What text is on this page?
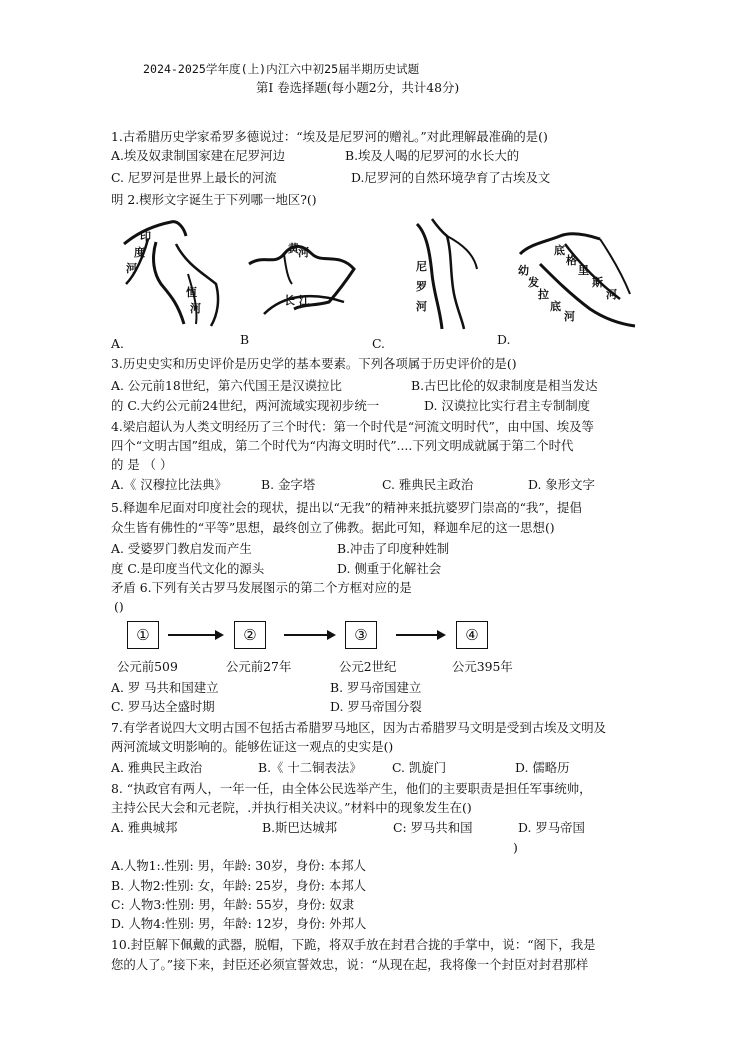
2024-2025学年度(上)内江六中初25届半期历史试题
第I 卷选择题(每小题2分，共计48分)
1.古希腊历史学家希罗多德说过：“埃及是尼罗河的赠礼。”对此理解最准确的是()
A.埃及奴隶制国家建在尼罗河边	B.埃及人喝的尼罗河的水长大的
C. 尼罗河是世界上最长的河流	D.尼罗河的自然环境孕育了古埃及文
明 2.楔形文字诞生于下列哪一地区?()
印
度
河
恒
河
黄 河
长 江
尼
罗
河
幼
发
拉
底
河
底
格
里
斯
河
A.	B	C.	D.
3.历史史实和历史评价是历史学的基本要素。下列各项属于历史评价的是()
A. 公元前18世纪，第六代国王是汉谟拉比	B.古巴比伦的奴隶制度是相当发达
的 C.大约公元前24世纪，两河流域实现初步统一	D. 汉谟拉比实行君主专制制度
4.梁启超认为人类文明经历了三个时代：第一个时代是“河流文明时代”，由中国、埃及等
四个“文明古国”组成，第二个时代为“内海文明时代”....下列文明成就属于第二个时代
的 是 （ ）
A.《 汉穆拉比法典》	B. 金字塔	C. 雅典民主政治	D. 象形文字
5.释迦牟尼面对印度社会的现状，提出以“无我”的精神来抵抗婆罗门崇高的“我”，提倡
众生皆有佛性的“平等”思想，最终创立了佛教。据此可知，释迦牟尼的这一思想()
A. 受婆罗门教启发而产生	B.冲击了印度种姓制
度 C.是印度当代文化的源头	D. 侧重于化解社会
矛盾 6.下列有关古罗马发展图示的第二个方框对应的是
()
①	②	③	④
公元前509	公元前27年	公元2世纪	公元395年
A. 罗 马共和国建立	B. 罗马帝国建立
C. 罗马达全盛时期	D. 罗马帝国分裂
7.有学者说四大文明古国不包括古希腊罗马地区，因为古希腊罗马文明是受到古埃及文明及
两河流域文明影响的。能够佐证这一观点的史实是()
A. 雅典民主政治	B.《 十二铜表法》 C. 凯旋门	D. 儒略历
8. “执政官有两人，一年一任，由全体公民选举产生，他们的主要职责是担任军事统帅，
主持公民大会和元老院，.并执行相关决议。”材料中的现象发生在()
A. 雅典城邦	B.斯巴达城邦	C: 罗马共和国	D. 罗马帝国
)
A.人物1:.性别: 男，年龄: 30岁，身份: 本邦人
B. 人物2:性别: 女，年龄: 25岁，身份: 本邦人
C: 人物3:性别: 男，年龄: 55岁，身份: 奴隶
D. 人物4:性别: 男，年龄: 12岁，身份: 外邦人
10.封臣解下佩戴的武器，脱帽，下跪，将双手放在封君合拢的手掌中，说：“阁下，我是
您的人了。”接下来，封臣还必须宣誓效忠，说：“从现在起，我将像一个封臣对封君那样
